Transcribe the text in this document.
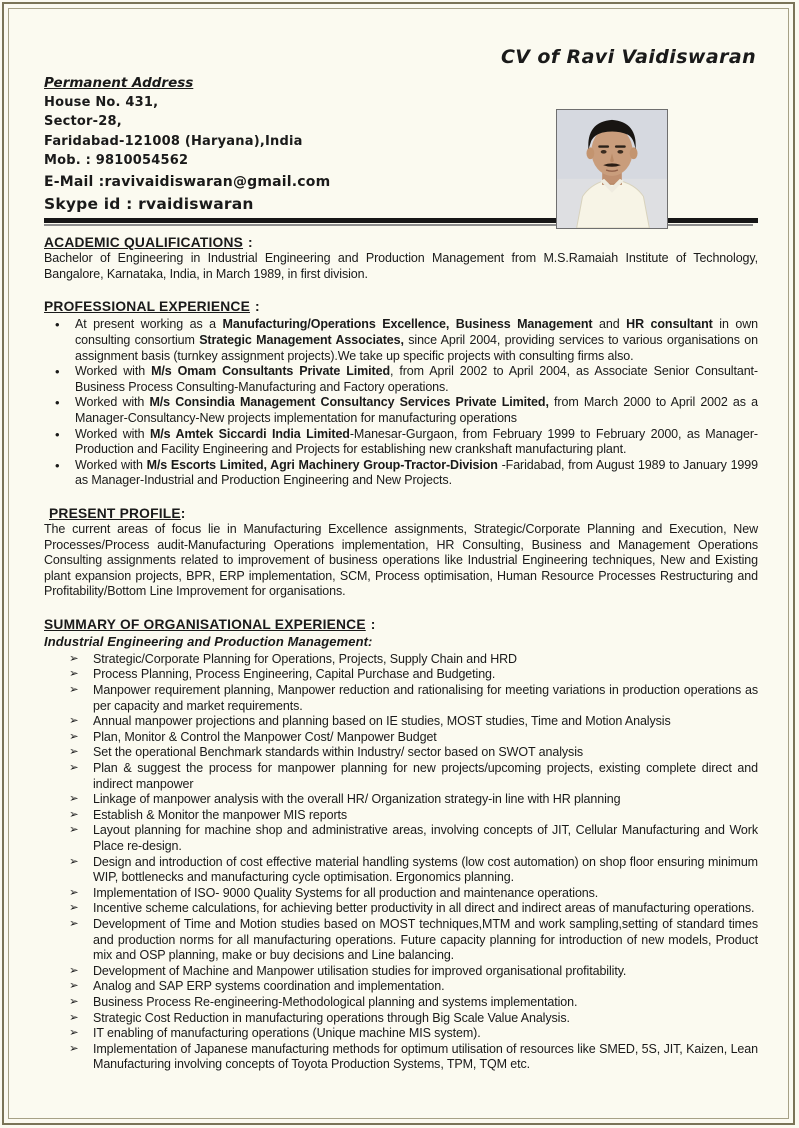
CV of Ravi Vaidiswaran
Permanent Address
House No. 431,
Sector-28,
Faridabad-121008 (Haryana),India
Mob. : 9810054562
E-Mail :ravivaidiswaran@gmail.com
Skype id : rvaidiswaran
ACADEMIC QUALIFICATIONS :
Bachelor of Engineering in Industrial Engineering and Production Management from M.S.Ramaiah Institute of Technology, Bangalore, Karnataka, India, in March 1989, in first division.
PROFESSIONAL EXPERIENCE :
• At present working as a Manufacturing/Operations Excellence, Business Management and HR consultant in own consulting consortium Strategic Management Associates, since April 2004, providing services to various organisations on assignment basis (turnkey assignment projects).We take up specific projects with consulting firms also.
• Worked with M/s Omam Consultants Private Limited, from April 2002 to April 2004, as Associate Senior Consultant-Business Process Consulting-Manufacturing and Factory operations.
• Worked with M/s Consindia Management Consultancy Services Private Limited, from March 2000 to April 2002 as a Manager-Consultancy-New projects implementation for manufacturing operations
• Worked with M/s Amtek Siccardi India Limited-Manesar-Gurgaon, from February 1999 to February 2000, as Manager-Production and Facility Engineering and Projects for establishing new crankshaft manufacturing plant.
• Worked with M/s Escorts Limited, Agri Machinery Group-Tractor-Division -Faridabad, from August 1989 to January 1999 as Manager-Industrial and Production Engineering and New Projects.
PRESENT PROFILE:
The current areas of focus lie in Manufacturing Excellence assignments, Strategic/Corporate Planning and Execution, New Processes/Process audit-Manufacturing Operations implementation, HR Consulting, Business and Management Operations Consulting assignments related to improvement of business operations like Industrial Engineering techniques, New and Existing plant expansion projects, BPR, ERP implementation, SCM, Process optimisation, Human Resource Processes Restructuring and Profitability/Bottom Line Improvement for organisations.
SUMMARY OF ORGANISATIONAL EXPERIENCE :
Industrial Engineering and Production Management:
➢ Strategic/Corporate Planning for Operations, Projects, Supply Chain and HRD
➢ Process Planning, Process Engineering, Capital Purchase and Budgeting.
➢ Manpower requirement planning, Manpower reduction and rationalising for meeting variations in production operations as per capacity and market requirements.
➢ Annual manpower projections and planning based on IE studies, MOST studies, Time and Motion Analysis
➢ Plan, Monitor & Control the Manpower Cost/ Manpower Budget
➢ Set the operational Benchmark standards within Industry/ sector based on SWOT analysis
➢ Plan & suggest the process for manpower planning for new projects/upcoming projects, existing complete direct and indirect manpower
➢ Linkage of manpower analysis with the overall HR/ Organization strategy-in line with HR planning
➢ Establish & Monitor the manpower MIS reports
➢ Layout planning for machine shop and administrative areas, involving concepts of JIT, Cellular Manufacturing and Work Place re-design.
➢ Design and introduction of cost effective material handling systems (low cost automation) on shop floor ensuring minimum WIP, bottlenecks and manufacturing cycle optimisation. Ergonomics planning.
➢ Implementation of ISO- 9000 Quality Systems for all production and maintenance operations.
➢ Incentive scheme calculations, for achieving better productivity in all direct and indirect areas of manufacturing operations.
➢ Development of Time and Motion studies based on MOST techniques,MTM and work sampling,setting of standard times and production norms for all manufacturing operations. Future capacity planning for introduction of new models, Product mix and OSP planning, make or buy decisions and Line balancing.
➢ Development of Machine and Manpower utilisation studies for improved organisational profitability.
➢ Analog and SAP ERP systems coordination and implementation.
➢ Business Process Re-engineering-Methodological planning and systems implementation.
➢ Strategic Cost Reduction in manufacturing operations through Big Scale Value Analysis.
➢ IT enabling of manufacturing operations (Unique machine MIS system).
➢ Implementation of Japanese manufacturing methods for optimum utilisation of resources like SMED, 5S, JIT, Kaizen, Lean Manufacturing involving concepts of Toyota Production Systems, TPM, TQM etc.
